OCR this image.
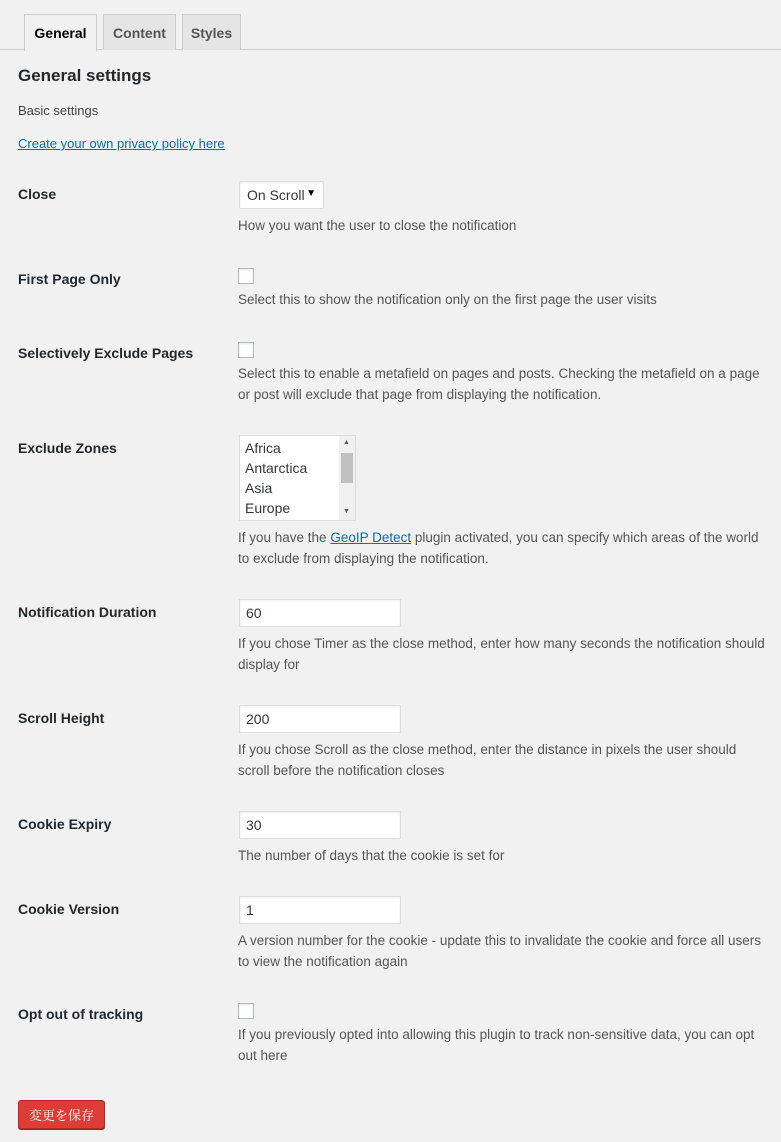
General	Content	Styles
General settings

Basic settings

Create your own privacy policy here
Close	On Scroll ▼
How you want the user to close the notification
First Page Only
Select this to show the notification only on the first page the user visits
Selectively Exclude Pages
Select this to enable a metafield on pages and posts. Checking the metafield on a page or post will exclude that page from displaying the notification.
Exclude Zones	Africa
Antarctica
Asia
Europe
▲
▼
If you have the GeoIP Detect plugin activated, you can specify which areas of the world to exclude from displaying the notification.
Notification Duration	60
If you chose Timer as the close method, enter how many seconds the notification should display for
Scroll Height	200
If you chose Scroll as the close method, enter the distance in pixels the user should scroll before the notification closes
Cookie Expiry	30
The number of days that the cookie is set for
Cookie Version	1
A version number for the cookie - update this to invalidate the cookie and force all users to view the notification again
Opt out of tracking
If you previously opted into allowing this plugin to track non-sensitive data, you can opt out here
変更を保存
